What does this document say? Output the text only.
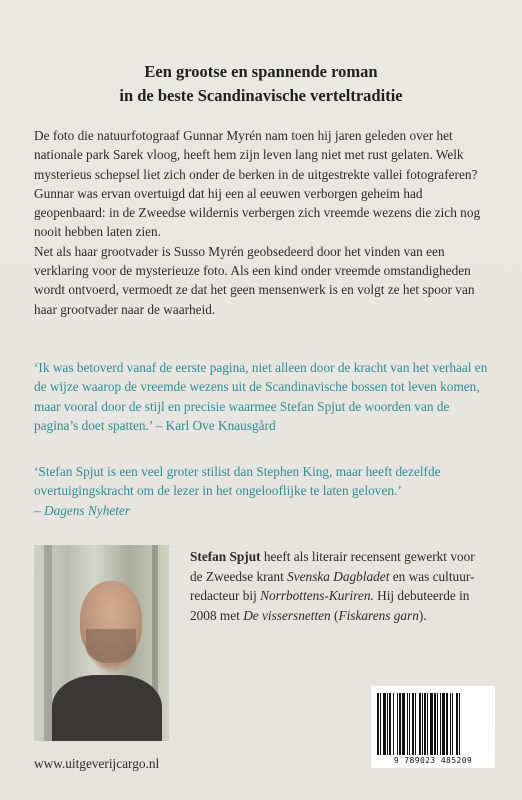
Een grootse en spannende roman
in de beste Scandinavische verteltraditie

De foto die natuurfotograaf Gunnar Myrén nam toen hij jaren geleden over het nationale park Sarek vloog, heeft hem zijn leven lang niet met rust gelaten. Welk mysterieus schepsel liet zich onder de berken in de uitgestrekte vallei fotograferen? Gunnar was ervan overtuigd dat hij een al eeuwen verborgen geheim had geopenbaard: in de Zweedse wildernis verbergen zich vreemde wezens die zich nog nooit hebben laten zien.

Net als haar grootvader is Susso Myrén geobsedeerd door het vinden van een verklaring voor de mysterieuze foto. Als een kind onder vreemde omstandigheden wordt ontvoerd, vermoedt ze dat het geen mensenwerk is en volgt ze het spoor van haar grootvader naar de waarheid.

‘Ik was betoverd vanaf de eerste pagina, niet alleen door de kracht van het verhaal en de wijze waarop de vreemde wezens uit de Scandinavische bossen tot leven komen, maar vooral door de stijl en precisie waarmee Stefan Spjut de woorden van de pagina’s doet spatten.’ – Karl Ove Knausgård

‘Stefan Spjut is een veel groter stilist dan Stephen King, maar heeft dezelfde overtuigingskracht om de lezer in het ongelooflijke te laten geloven.’

– Dagens Nyheter

Stefan Spjut heeft als literair recensent gewerkt voor de Zweedse krant Svenska Dagbladet en was cultuur-redacteur bij Norrbottens-Kuriren. Hij debuteerde in 2008 met De vissersnetten (Fiskarens garn).

www.uitgeverijcargo.nl	9 789023 485209
